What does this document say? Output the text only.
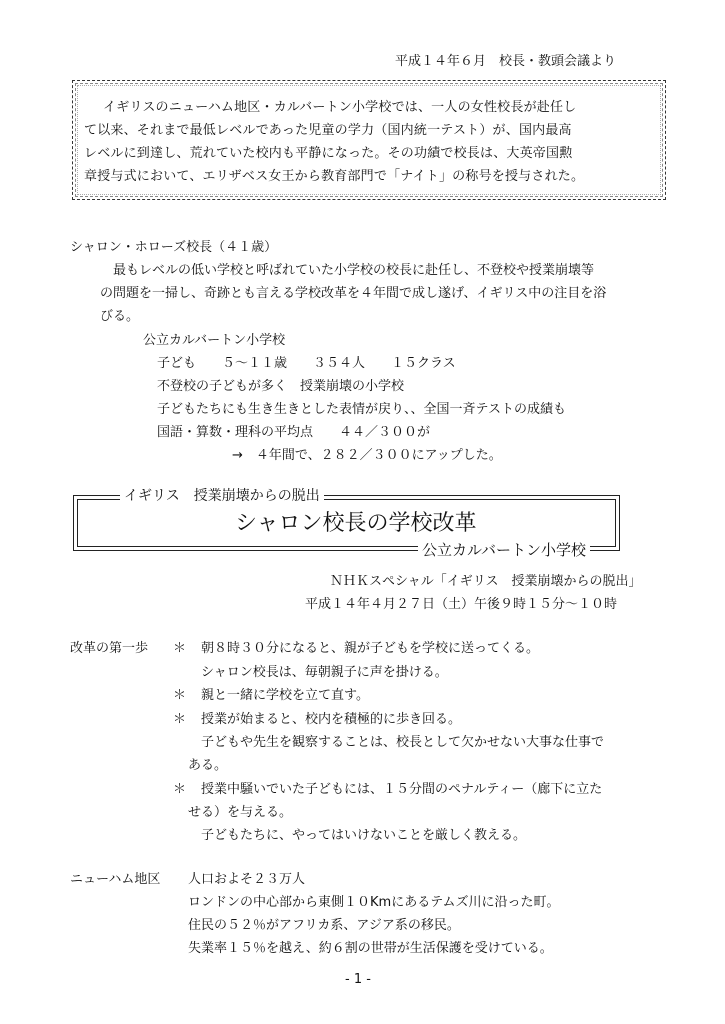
平成１４年６月　校長・教頭会議より
イギリスのニューハム地区・カルバートン小学校では、一人の女性校長が赴任し
て以来、それまで最低レベルであった児童の学力（国内統一テスト）が、国内最高
レベルに到達し、荒れていた校内も平静になった。その功績で校長は、大英帝国勲
章授与式において、エリザベス女王から教育部門で「ナイト」の称号を授与された。
シャロン・ホローズ校長（４１歳）
最もレベルの低い学校と呼ばれていた小学校の校長に赴任し、不登校や授業崩壊等
の問題を一掃し、奇跡とも言える学校改革を４年間で成し遂げ、イギリス中の注目を浴
びる。
公立カルバートン小学校
子ども　　５〜１１歳　　３５４人　　１５クラス
不登校の子どもが多く　授業崩壊の小学校
子どもたちにも生き生きとした表情が戻り、、全国一斉テストの成績も
国語・算数・理科の平均点　　４４／３００が
→　４年間で、２８２／３００にアップした。
イギリス　授業崩壊からの脱出
シャロン校長の学校改革
公立カルバートン小学校
ＮＨＫスペシャル「イギリス　授業崩壊からの脱出」
平成１４年４月２７日（土）午後９時１５分〜１０時
改革の第一歩 ＊ 朝８時３０分になると、親が子どもを学校に送ってくる。
シャロン校長は、毎朝親子に声を掛ける。
＊ 親と一緒に学校を立て直す。
＊ 授業が始まると、校内を積極的に歩き回る。
子どもや先生を観察することは、校長として欠かせない大事な仕事で
ある。
＊ 授業中騒いでいた子どもには、１５分間のペナルティー（廊下に立た
せる）を与える。
子どもたちに、やってはいけないことを厳しく教える。
ニューハム地区 人口およそ２３万人
ロンドンの中心部から東側１０Kmにあるテムズ川に沿った町。
住民の５２％がアフリカ系、アジア系の移民。
失業率１５％を越え、約６割の世帯が生活保護を受けている。
- 1 -
